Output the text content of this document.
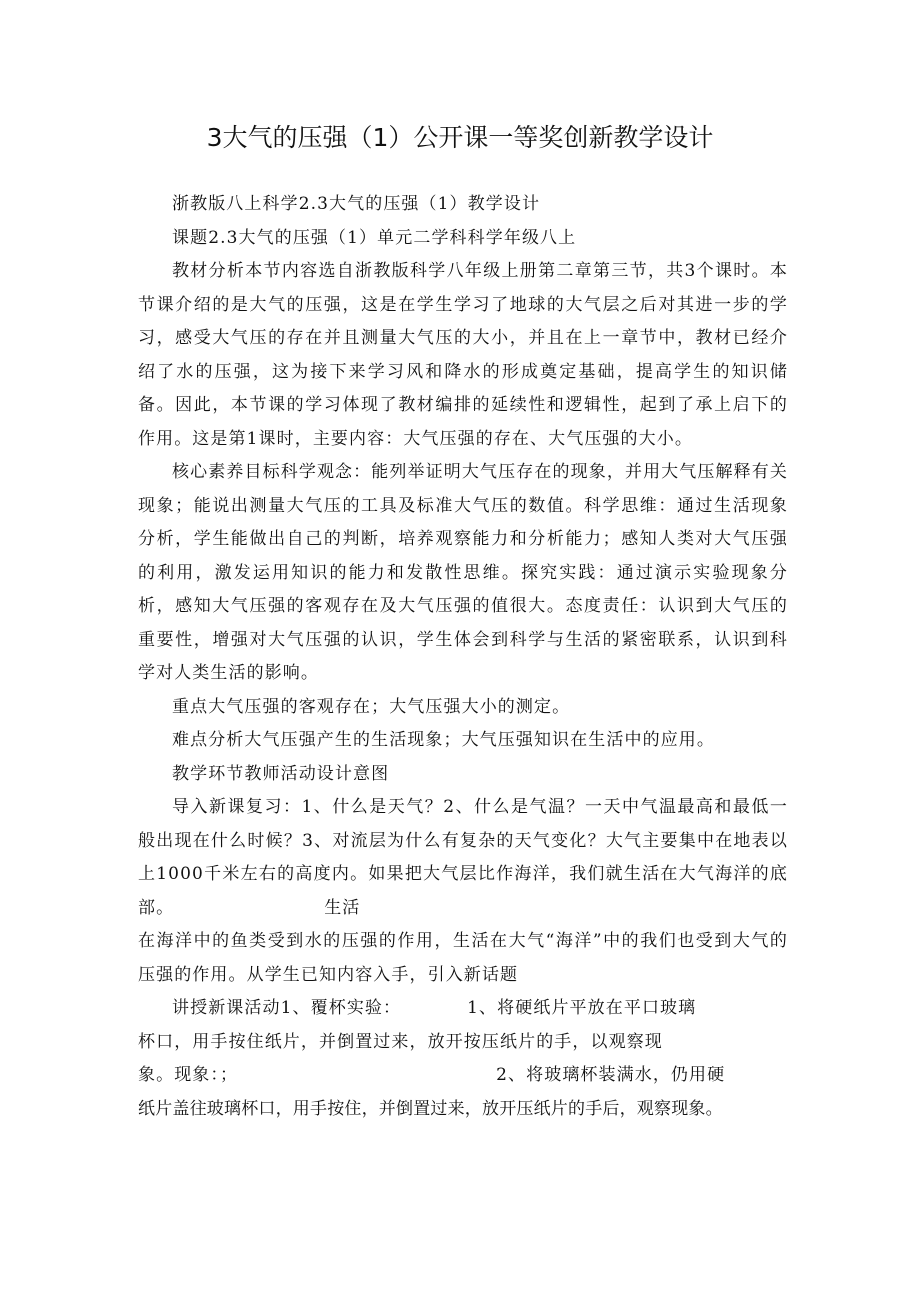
3大气的压强（1）公开课一等奖创新教学设计

浙教版八上科学2.3大气的压强（1）教学设计

课题2.3大气的压强（1）单元二学科科学年级八上

教材分析本节内容选自浙教版科学八年级上册第二章第三节，共3个课时。本节课介绍的是大气的压强，这是在学生学习了地球的大气层之后对其进一步的学习，感受大气压的存在并且测量大气压的大小，并且在上一章节中，教材已经介绍了水的压强，这为接下来学习风和降水的形成奠定基础，提高学生的知识储备。因此，本节课的学习体现了教材编排的延续性和逻辑性，起到了承上启下的作用。这是第1课时，主要内容：大气压强的存在、大气压强的大小。

核心素养目标科学观念：能列举证明大气压存在的现象，并用大气压解释有关现象；能说出测量大气压的工具及标准大气压的数值。科学思维：通过生活现象分析，学生能做出自己的判断，培养观察能力和分析能力；感知人类对大气压强的利用，激发运用知识的能力和发散性思维。探究实践：通过演示实验现象分析，感知大气压强的客观存在及大气压强的值很大。态度责任：认识到大气压的重要性，增强对大气压强的认识，学生体会到科学与生活的紧密联系，认识到科学对人类生活的影响。

重点大气压强的客观存在；大气压强大小的测定。

难点分析大气压强产生的生活现象；大气压强知识在生活中的应用。

教学环节教师活动设计意图

导入新课复习：1、什么是天气？2、什么是气温？一天中气温最高和最低一般出现在什么时候？3、对流层为什么有复杂的天气变化？大气主要集中在地表以上1000千米左右的高度内。如果把大气层比作海洋，我们就生活在大气海洋的底部。	生活

在海洋中的鱼类受到水的压强的作用，生活在大气“海洋”中的我们也受到大气的压强的作用。从学生已知内容入手，引入新话题

讲授新课活动1、覆杯实验：	1、将硬纸片平放在平口玻璃

杯口，用手按住纸片，并倒置过来，放开按压纸片的手，以观察现

象。现象：；	2、将玻璃杯装满水，仍用硬

纸片盖往玻璃杯口，用手按住，并倒置过来，放开压纸片的手后，观察现象。
